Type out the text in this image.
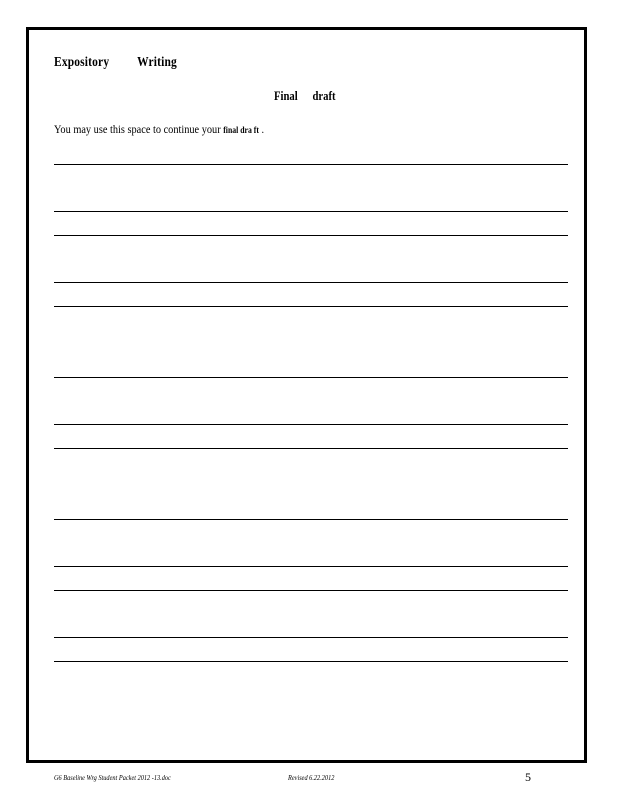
Expository Writing
Final draft
You may use this space to continue your final dra ft .
G6 Baseline Wrg Student Packet 2012 -13.doc	Revised 6.22.2012	5
